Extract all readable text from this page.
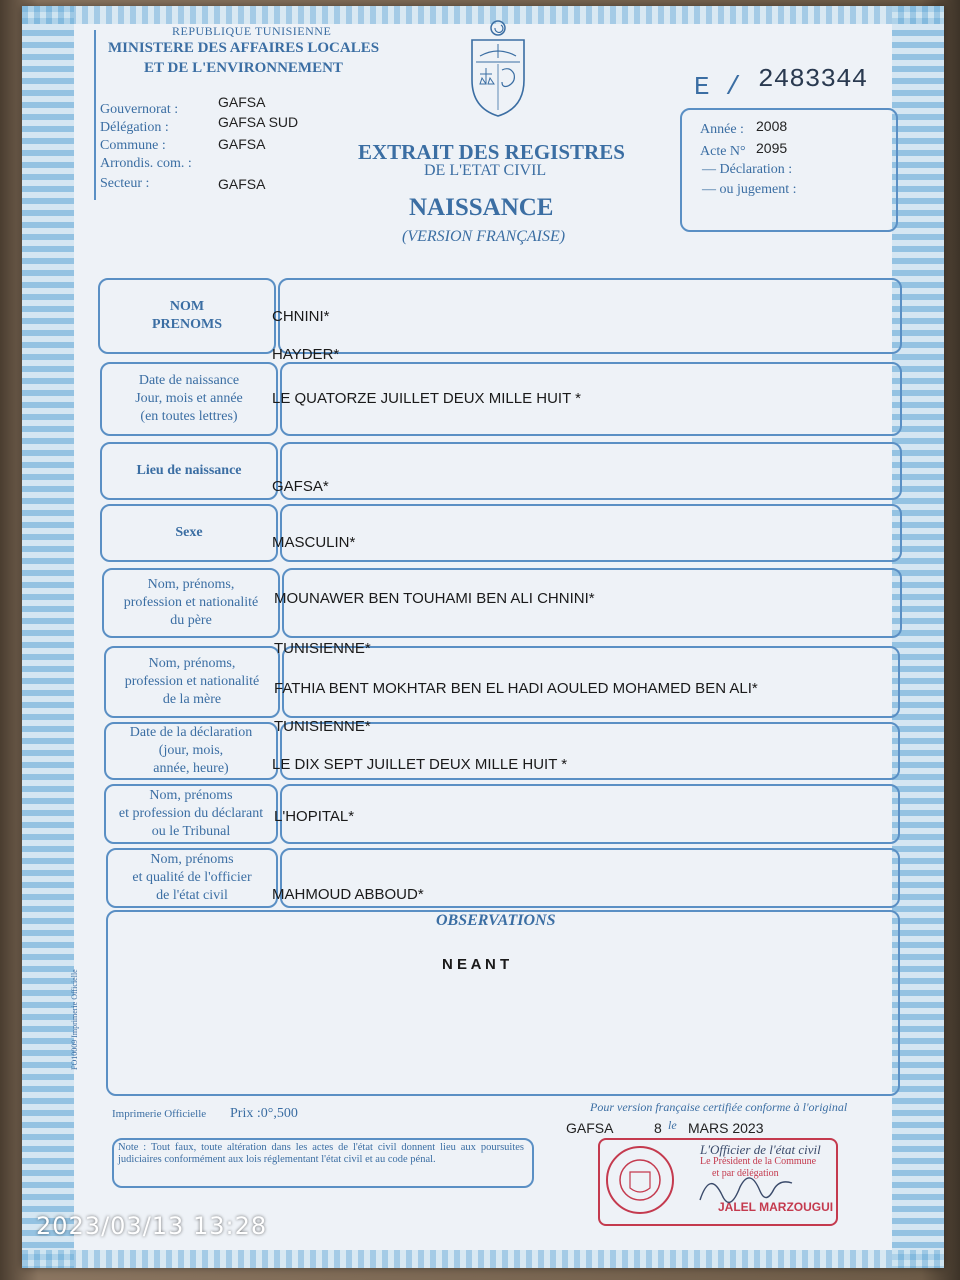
REPUBLIQUE TUNISIENNE
MINISTERE DES AFFAIRES LOCALES
ET DE L'ENVIRONNEMENT
Gouvernorat :
Délégation :
Commune :
Arrondis. com. :
Secteur :
GAFSA
GAFSA SUD
GAFSA
GAFSA
EXTRAIT DES REGISTRES
DE L'ETAT CIVIL
NAISSANCE
(VERSION FRANÇAISE)
E / 2483344
Année : 2008
Acte N° 2095
— Déclaration :
— ou jugement :
NOM
PRENOMS
Date de naissance
Jour, mois et année
(en toutes lettres)
Lieu de naissance
Sexe
Nom, prénoms,
profession et nationalité
du père
Nom, prénoms,
profession et nationalité
de la mère
Date de la déclaration
(jour, mois,
année, heure)
Nom, prénoms
et profession du déclarant
ou le Tribunal
Nom, prénoms
et qualité de l'officier
de l'état civil
CHNINI*
HAYDER*
LE QUATORZE JUILLET DEUX MILLE HUIT *
GAFSA*
MASCULIN*
MOUNAWER BEN TOUHAMI BEN ALI CHNINI*
TUNISIENNE*
FATHIA BENT MOKHTAR BEN EL HADI AOULED MOHAMED BEN ALI*
TUNISIENNE*
LE DIX SEPT JUILLET DEUX MILLE HUIT *
L'HOPITAL*
MAHMOUD ABBOUD*
OBSERVATIONS
N E A N T
FO10009 Imprimerie Officielle
Imprimerie Officielle Prix :0°,500	Pour version française certifiée conforme à l'original
GAFSA	8 le MARS 2023
Note : Tout faux, toute altération dans les actes de l'état civil donnent lieu aux poursuites judiciaires conformément aux lois réglementant l'état civil et au code pénal.
L'Officier de l'état civil
Le Président de la Commune
et par délégation
JALEL MARZOUGUI
2023/03/13 13:28
